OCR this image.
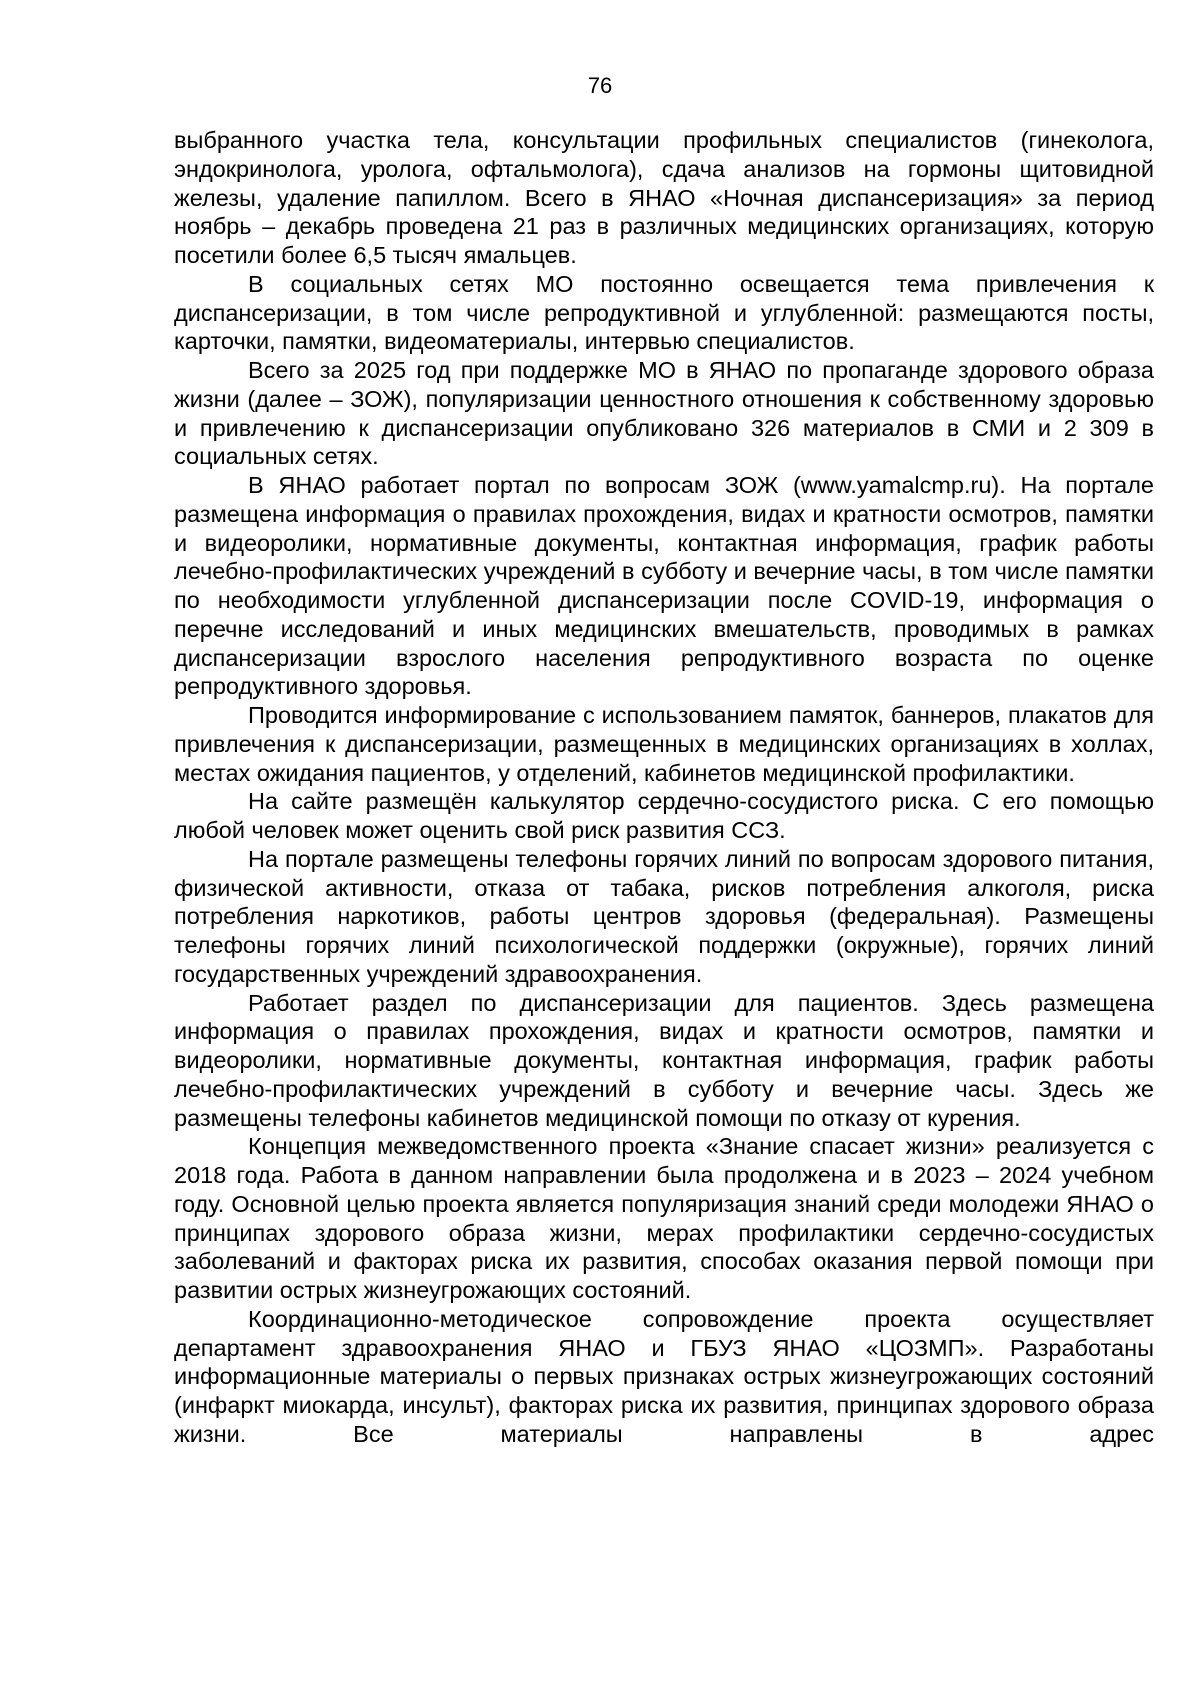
76

выбранного участка тела, консультации профильных специалистов (гинеколога, эндокринолога, уролога, офтальмолога), сдача анализов на гормоны щитовидной железы, удаление папиллом. Всего в ЯНАО «Ночная диспансеризация» за период ноябрь – декабрь проведена 21 раз в различных медицинских организациях, которую посетили более 6,5 тысяч ямальцев.

В социальных сетях МО постоянно освещается тема привлечения к диспансеризации, в том числе репродуктивной и углубленной: размещаются посты, карточки, памятки, видеоматериалы, интервью специалистов.

Всего за 2025 год при поддержке МО в ЯНАО по пропаганде здорового образа жизни (далее – ЗОЖ), популяризации ценностного отношения к собственному здоровью и привлечению к диспансеризации опубликовано 326 материалов в СМИ и 2 309 в социальных сетях.

В ЯНАО работает портал по вопросам ЗОЖ (www.yamalcmp.ru). На портале размещена информация о правилах прохождения, видах и кратности осмотров, памятки и видеоролики, нормативные документы, контактная информация, график работы лечебно-профилактических учреждений в субботу и вечерние часы, в том числе памятки по необходимости углубленной диспансеризации после COVID-19, информация о перечне исследований и иных медицинских вмешательств, проводимых в рамках диспансеризации взрослого населения репродуктивного возраста по оценке репродуктивного здоровья.

Проводится информирование с использованием памяток, баннеров, плакатов для привлечения к диспансеризации, размещенных в медицинских организациях в холлах, местах ожидания пациентов, у отделений, кабинетов медицинской профилактики.

На сайте размещён калькулятор сердечно-сосудистого риска. С его помощью любой человек может оценить свой риск развития ССЗ.

На портале размещены телефоны горячих линий по вопросам здорового питания, физической активности, отказа от табака, рисков потребления алкоголя, риска потребления наркотиков, работы центров здоровья (федеральная). Размещены телефоны горячих линий психологической поддержки (окружные), горячих линий государственных учреждений здравоохранения.

Работает раздел по диспансеризации для пациентов. Здесь размещена информация о правилах прохождения, видах и кратности осмотров, памятки и видеоролики, нормативные документы, контактная информация, график работы лечебно-профилактических учреждений в субботу и вечерние часы. Здесь же размещены телефоны кабинетов медицинской помощи по отказу от курения.

Концепция межведомственного проекта «Знание спасает жизни» реализуется с 2018 года. Работа в данном направлении была продолжена и в 2023 – 2024 учебном году. Основной целью проекта является популяризация знаний среди молодежи ЯНАО о принципах здорового образа жизни, мерах профилактики сердечно-сосудистых заболеваний и факторах риска их развития, способах оказания первой помощи при развитии острых жизнеугрожающих состояний.

Координационно-методическое сопровождение проекта осуществляет департамент здравоохранения ЯНАО и ГБУЗ ЯНАО «ЦОЗМП». Разработаны информационные материалы о первых признаках острых жизнеугрожающих состояний (инфаркт миокарда, инсульт), факторах риска их развития, принципах здорового образа жизни. Все материалы направлены в адрес
